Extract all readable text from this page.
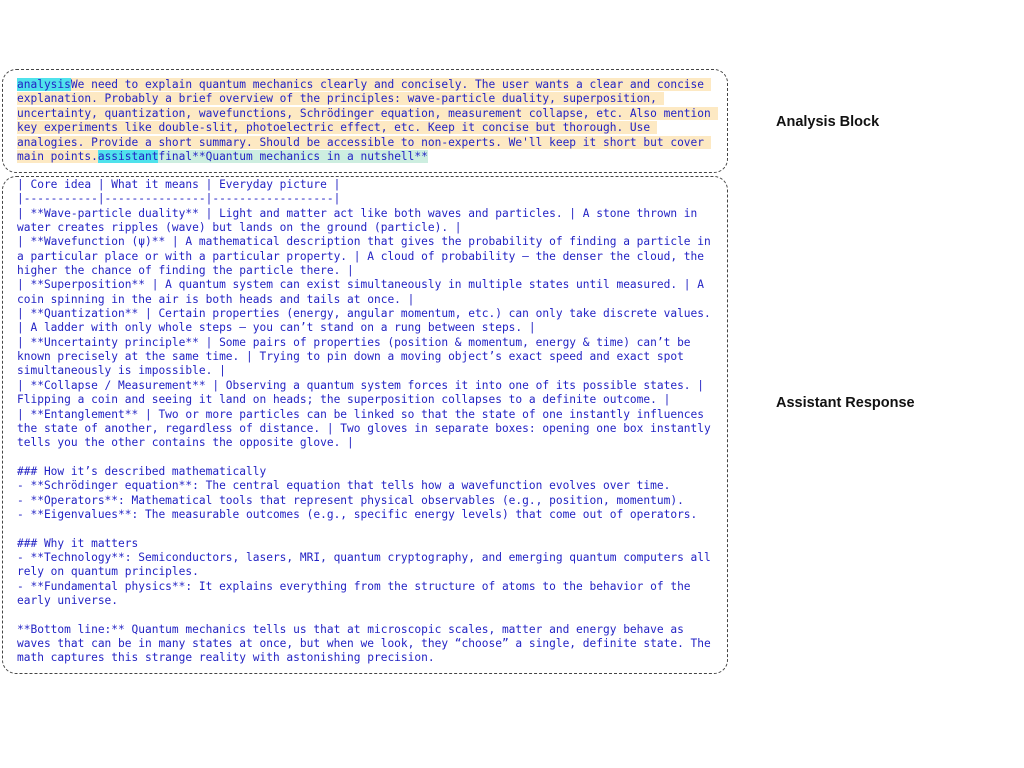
analysisWe need to explain quantum mechanics clearly and concisely. The user wants a clear and concise explanation. Probably a brief overview of the principles: wave-particle duality, superposition, uncertainty, quantization, wavefunctions, Schrödinger equation, measurement collapse, etc. Also mention key experiments like double-slit, photoelectric effect, etc. Keep it concise but thorough. Use analogies. Provide a short summary. Should be accessible to non-experts. We'll keep it short but cover main points.assistantfinal**Quantum mechanics in a nutshell**

Analysis Block

| Core idea | What it means | Everyday picture |
|-----------|---------------|------------------|
| **Wave‑particle duality** | Light and matter act like both waves and particles. | A stone thrown in water creates ripples (wave) but lands on the ground (particle). |
| **Wavefunction (ψ)** | A mathematical description that gives the probability of finding a particle in a particular place or with a particular property. | A cloud of probability – the denser the cloud, the higher the chance of finding the particle there. |
| **Superposition** | A quantum system can exist simultaneously in multiple states until measured. | A coin spinning in the air is both heads and tails at once. |
| **Quantization** | Certain properties (energy, angular momentum, etc.) can only take discrete values. | A ladder with only whole steps – you can’t stand on a rung between steps. |
| **Uncertainty principle** | Some pairs of properties (position & momentum, energy & time) can’t be known precisely at the same time. | Trying to pin down a moving object’s exact speed and exact spot simultaneously is impossible. |
| **Collapse / Measurement** | Observing a quantum system forces it into one of its possible states. | Flipping a coin and seeing it land on heads; the superposition collapses to a definite outcome. |
| **Entanglement** | Two or more particles can be linked so that the state of one instantly influences the state of another, regardless of distance. | Two gloves in separate boxes: opening one box instantly tells you the other contains the opposite glove. |

### How it’s described mathematically
- **Schrödinger equation**: The central equation that tells how a wavefunction evolves over time.
- **Operators**: Mathematical tools that represent physical observables (e.g., position, momentum).
- **Eigenvalues**: The measurable outcomes (e.g., specific energy levels) that come out of operators.

### Why it matters
- **Technology**: Semiconductors, lasers, MRI, quantum cryptography, and emerging quantum computers all rely on quantum principles.
- **Fundamental physics**: It explains everything from the structure of atoms to the behavior of the early universe.

**Bottom line:** Quantum mechanics tells us that at microscopic scales, matter and energy behave as waves that can be in many states at once, but when we look, they “choose” a single, definite state. The math captures this strange reality with astonishing precision.

Assistant Response
